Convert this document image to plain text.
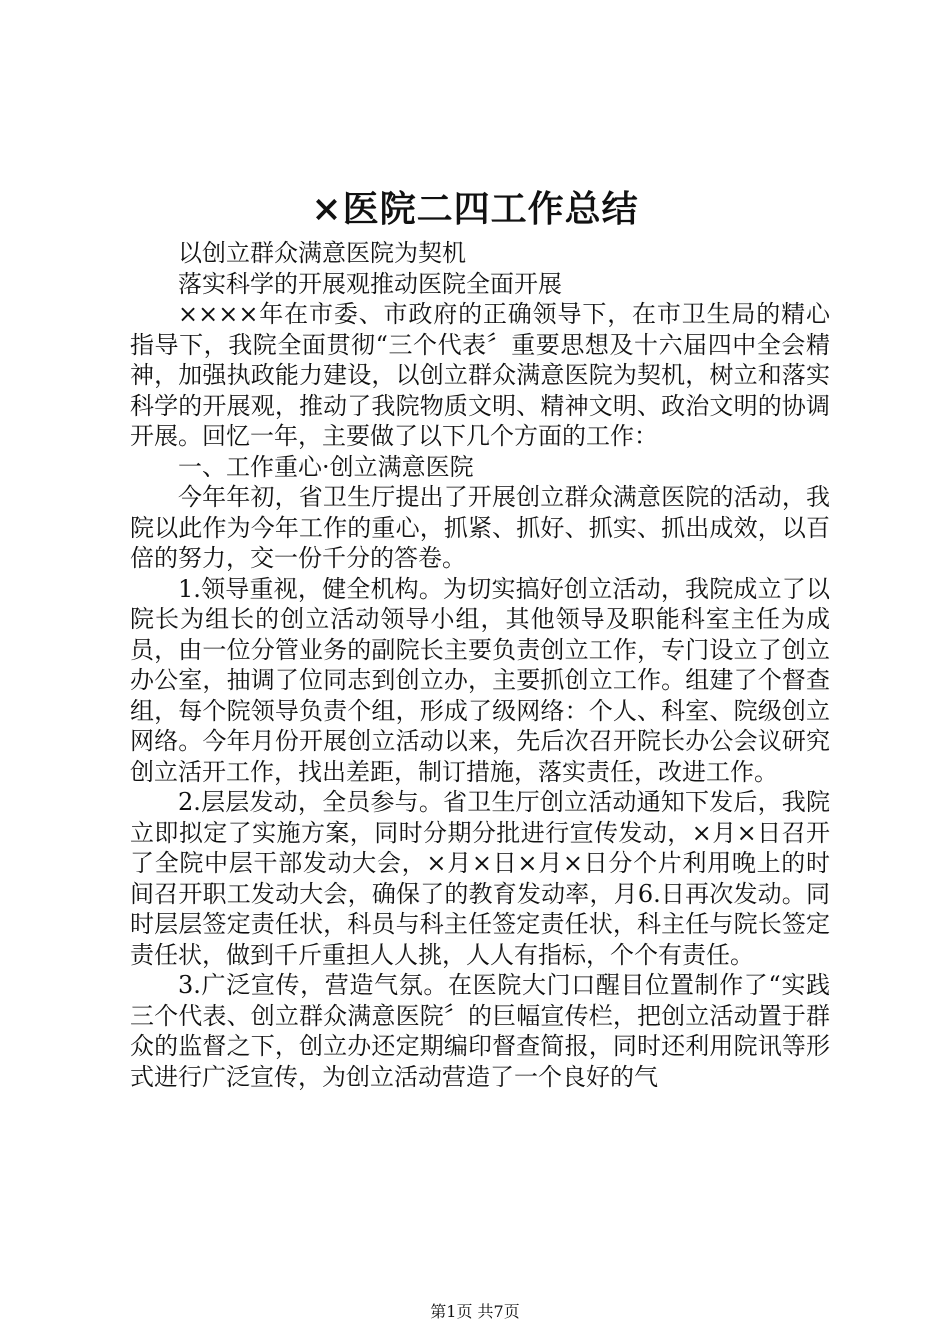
×医院二四工作总结

以创立群众满意医院为契机

落实科学的开展观推动医院全面开展

××××年在市委、市政府的正确领导下，在市卫生局的精心指导下，我院全面贯彻“三个代表〞重要思想及十六届四中全会精神，加强执政能力建设，以创立群众满意医院为契机，树立和落实科学的开展观，推动了我院物质文明、精神文明、政治文明的协调开展。回忆一年，主要做了以下几个方面的工作：

一、工作重心·创立满意医院

今年年初，省卫生厅提出了开展创立群众满意医院的活动，我院以此作为今年工作的重心，抓紧、抓好、抓实、抓出成效，以百倍的努力，交一份千分的答卷。

1.领导重视，健全机构。为切实搞好创立活动，我院成立了以院长为组长的创立活动领导小组，其他领导及职能科室主任为成员，由一位分管业务的副院长主要负责创立工作，专门设立了创立办公室，抽调了位同志到创立办，主要抓创立工作。组建了个督查组，每个院领导负责个组，形成了级网络：个人、科室、院级创立网络。今年月份开展创立活动以来，先后次召开院长办公会议研究创立活开工作，找出差距，制订措施，落实责任，改进工作。

2.层层发动，全员参与。省卫生厅创立活动通知下发后，我院立即拟定了实施方案，同时分期分批进行宣传发动，×月×日召开了全院中层干部发动大会，×月×日×月×日分个片利用晚上的时间召开职工发动大会，确保了的教育发动率，月6.日再次发动。同时层层签定责任状，科员与科主任签定责任状，科主任与院长签定责任状，做到千斤重担人人挑，人人有指标，个个有责任。

3.广泛宣传，营造气氛。在医院大门口醒目位置制作了“实践三个代表、创立群众满意医院〞的巨幅宣传栏，把创立活动置于群众的监督之下，创立办还定期编印督查简报，同时还利用院讯等形式进行广泛宣传，为创立活动营造了一个良好的气

第1页 共7页
